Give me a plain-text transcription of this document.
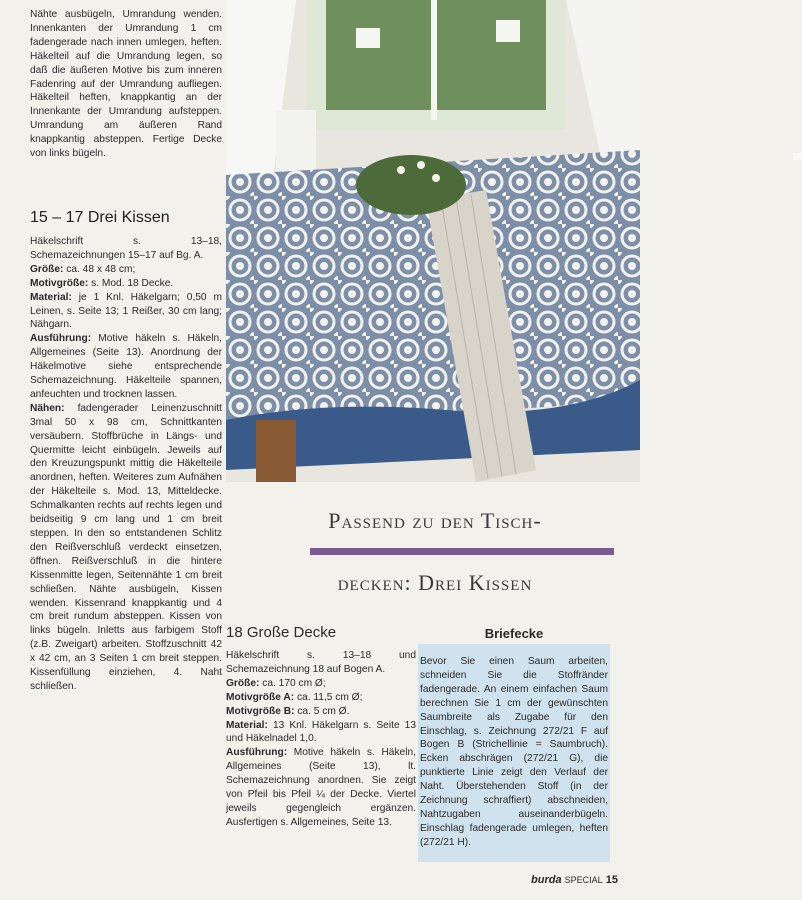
Nähte ausbügeln, Umrandung wenden. Innenkanten der Umrandung 1 cm fadengerade nach innen umlegen, heften. Häkelteil auf die Umrandung legen, so daß die äußeren Motive bis zum inneren Fadenring auf der Umrandung aufliegen. Häkelteil heften, knappkantig an der Innenkante der Umrandung aufsteppen. Umrandung am äußeren Rand knappkantig absteppen. Fertige Decke von links bügeln.

15 – 17 Drei Kissen

Häkelschrift s. 13–18, Schemazeichnungen 15–17 auf Bg. A.

Größe: ca. 48 x 48 cm;

Motivgröße: s. Mod. 18 Decke.

Material: je 1 Knl. Häkelgarn; 0,50 m Leinen, s. Seite 13; 1 Reißer, 30 cm lang; Nähgarn.

Ausführung: Motive häkeln s. Häkeln, Allgemeines (Seite 13). Anordnung der Häkelmotive siehe entsprechende Schemazeichnung. Häkelteile spannen, anfeuchten und trocknen lassen.

Nähen: fadengerader Leinenzuschnitt 3mal 50 x 98 cm, Schnittkanten versäubern. Stoffbrüche in Längs- und Quermitte leicht einbügeln. Jeweils auf den Kreuzungspunkt mittig die Häkelteile anordnen, heften. Weiteres zum Aufnähen der Häkelteile s. Mod. 13, Mitteldecke. Schmalkanten rechts auf rechts legen und beidseitig 9 cm lang und 1 cm breit steppen. In den so entstandenen Schlitz den Reißverschluß verdeckt einsetzen, öffnen. Reißverschluß in die hintere Kissenmitte legen, Seitennähte 1 cm breit schließen. Nähte ausbügeln, Kissen wenden. Kissenrand knappkantig und 4 cm breit rundum absteppen. Kissen von links bügeln. Inletts aus farbigem Stoff (z.B. Zweigart) arbeiten. Stoffzuschnitt 42 x 42 cm, an 3 Seiten 1 cm breit steppen. Kissenfüllung einziehen, 4. Naht schließen.

18
Passend zu den Tisch-
decken: Drei Kissen
18 Große Decke

Häkelschrift s. 13–18 und Schemazeichnung 18 auf Bogen A.

Größe: ca. 170 cm Ø;

Motivgröße A: ca. 11,5 cm Ø;

Motivgröße B: ca. 5 cm Ø.

Material: 13 Knl. Häkelgarn s. Seite 13 und Häkelnadel 1,0.

Ausführung: Motive häkeln s. Häkeln, Allgemeines (Seite 13), lt. Schemazeichnung anordnen. Sie zeigt von Pfeil bis Pfeil ¼ der Decke. Viertel jeweils gegengleich ergänzen. Ausfertigen s. Allgemeines, Seite 13.

Briefecke

Bevor Sie einen Saum arbeiten, schneiden Sie die Stoffränder fadengerade. An einem einfachen Saum berechnen Sie 1 cm der gewünschten Saumbreite als Zugabe für den Einschlag, s. Zeichnung 272/21 F auf Bogen B (Strichellinie = Saumbruch). Ecken abschrägen (272/21 G), die punktierte Linie zeigt den Verlauf der Naht. Überstehenden Stoff (in der Zeichnung schraffiert) abschneiden, Nahtzugaben auseinanderbügeln. Einschlag fadengerade umlegen, heften (272/21 H).

burda SPECIAL 15
